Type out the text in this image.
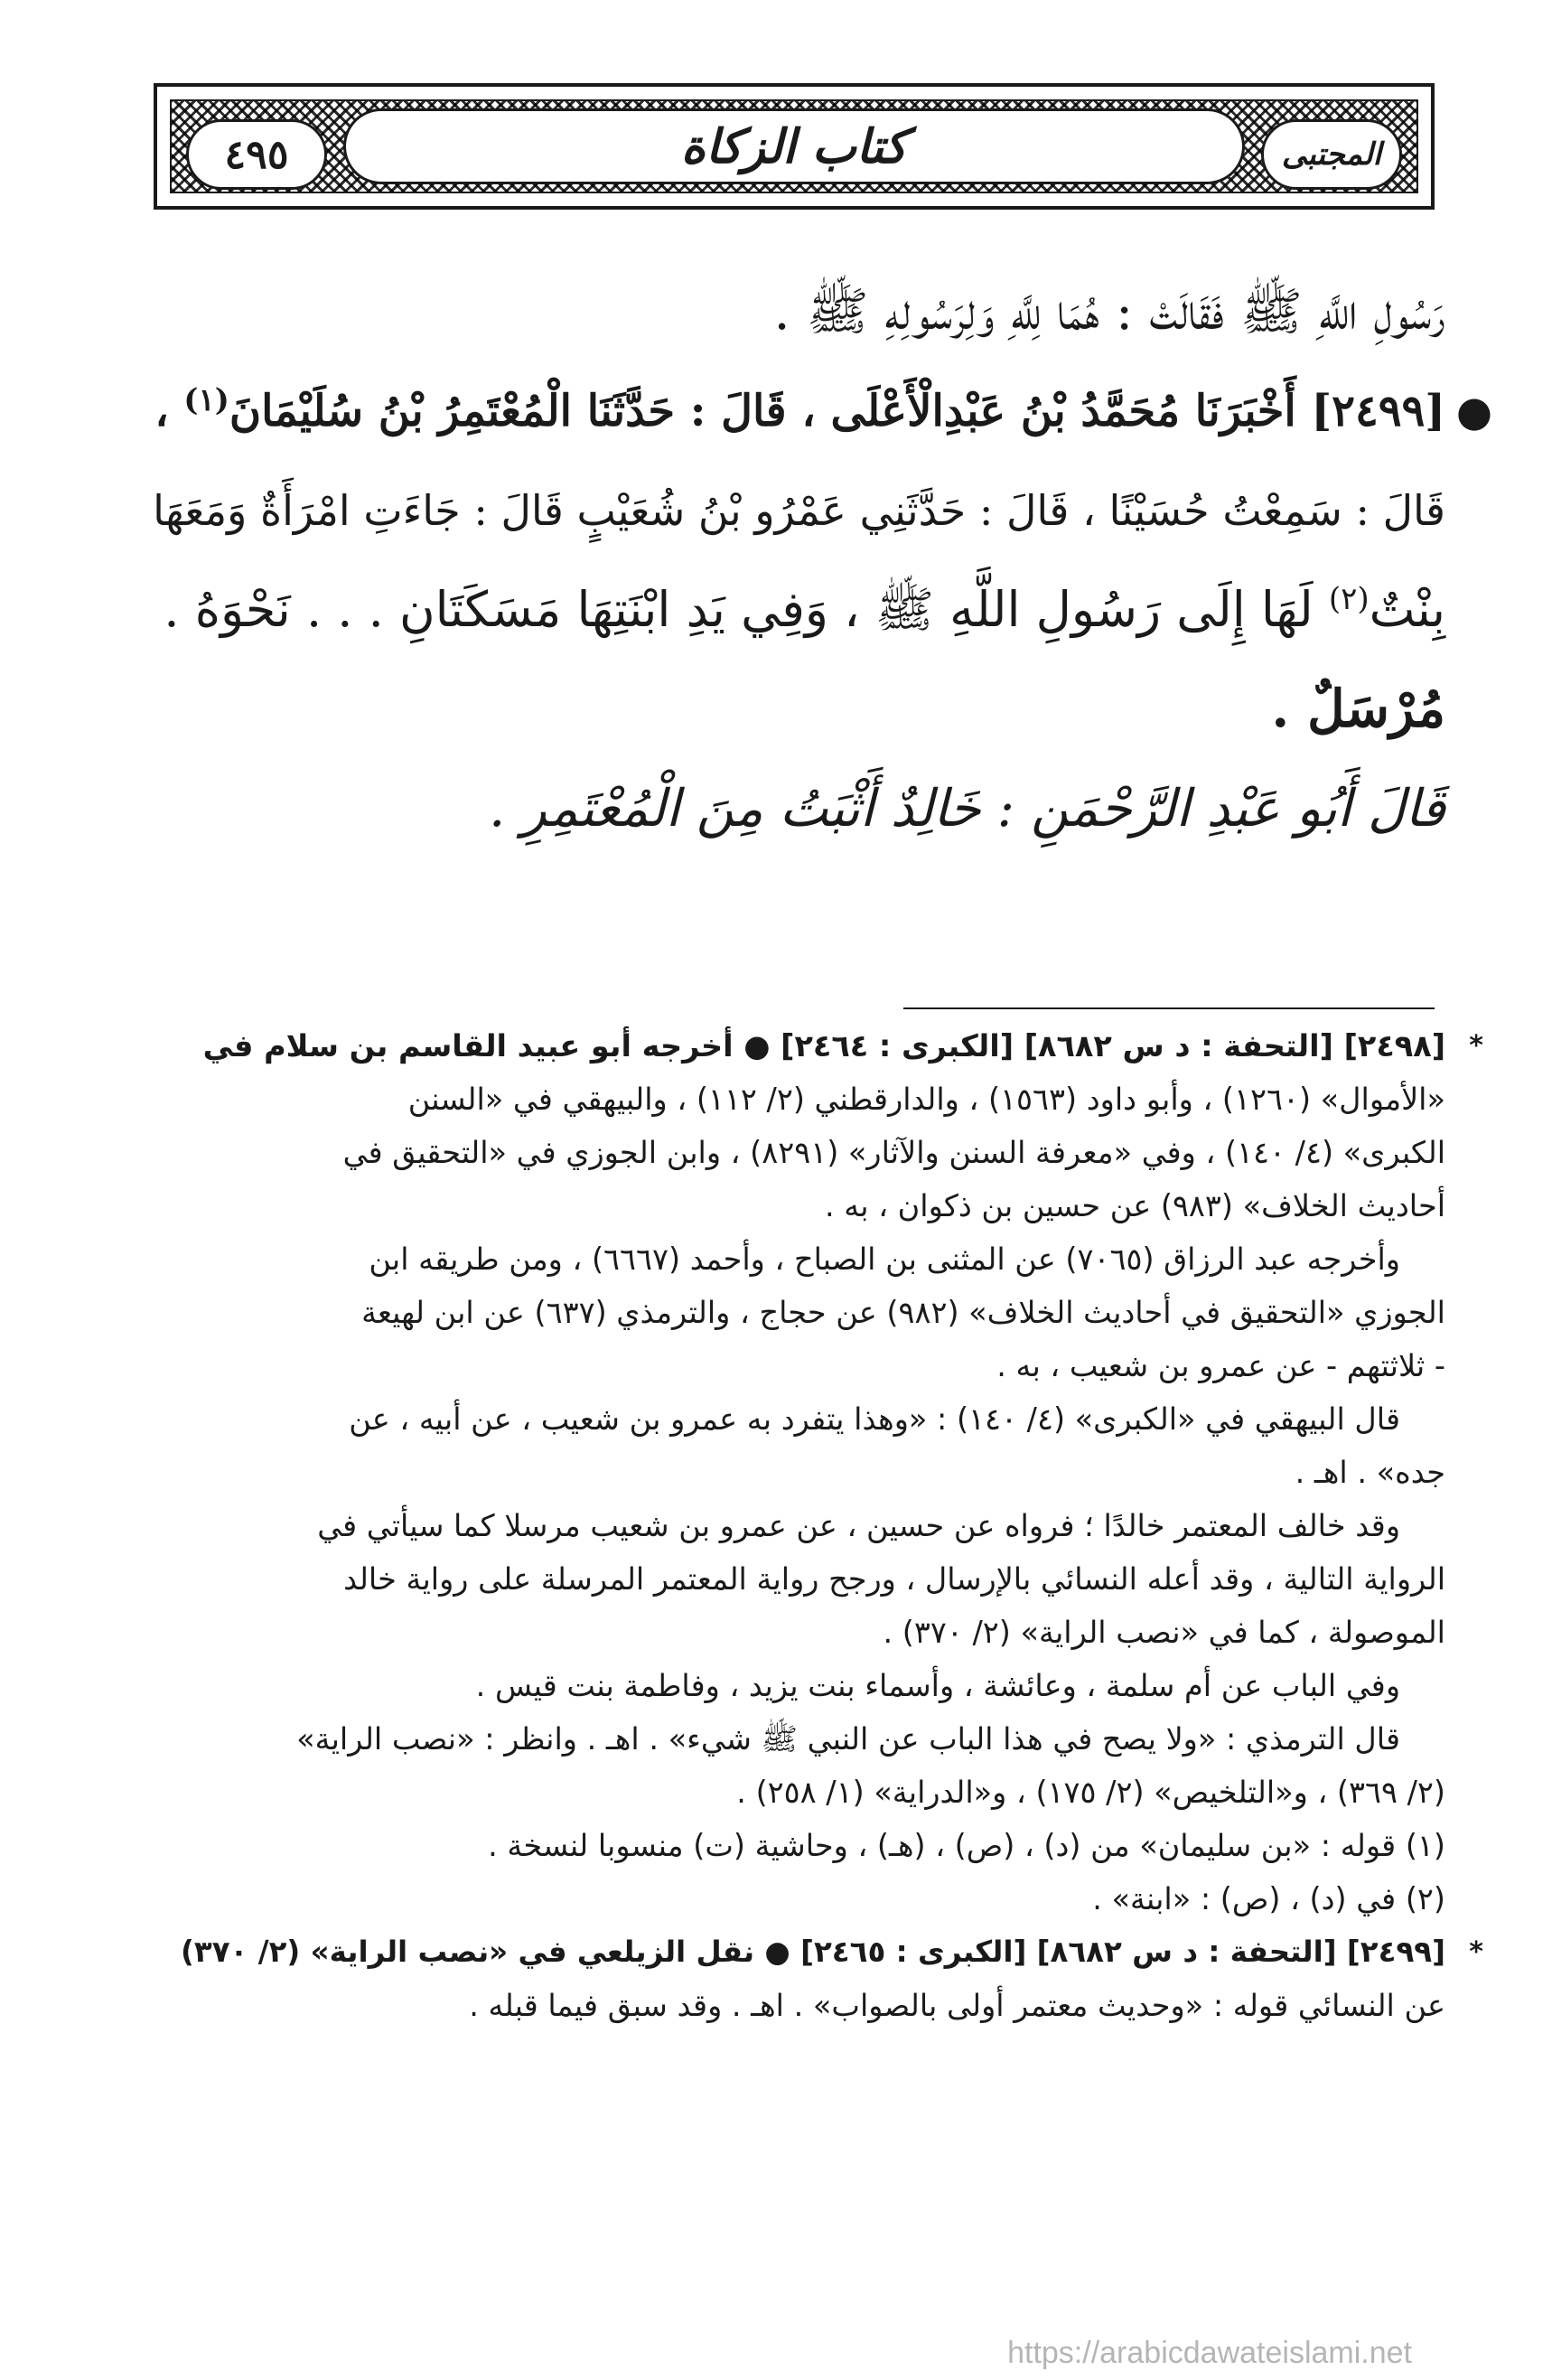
المجتبى
كتاب الزكاة
٤٩٥
رَسُولِ اللَّهِ ﷺ فَقَالَتْ : هُمَا لِلَّهِ وَلِرَسُولِهِ ﷺ .
●
[٢٤٩٩] أَخْبَرَنَا مُحَمَّدُ بْنُ عَبْدِالْأَعْلَى ، قَالَ : حَدَّثَنَا الْمُعْتَمِرُ بْنُ سُلَيْمَانَ$^{(١)}$ ،
قَالَ : سَمِعْتُ حُسَيْنًا ، قَالَ : حَدَّثَنِي عَمْرُو بْنُ شُعَيْبٍ قَالَ : جَاءَتِ امْرَأَةٌ وَمَعَهَا
بِنْتٌ$^{(٢)}$ لَهَا إِلَى رَسُولِ اللَّهِ ﷺ ، وَفِي يَدِ ابْنَتِهَا مَسَكَتَانِ . . . نَحْوَهُ .
مُرْسَلٌ .
قَالَ أَبُو عَبْدِ الرَّحْمَنِ : خَالِدٌ أَثْبَتُ مِنَ الْمُعْتَمِرِ .
*
[٢٤٩٨] [التحفة : د س ٨٦٨٢] [الكبرى : ٢٤٦٤] ● أخرجه أبو عبيد القاسم بن سلام في
«الأموال» (١٢٦٠) ، وأبو داود (١٥٦٣) ، والدارقطني (٢/ ١١٢) ، والبيهقي في «السنن
الكبرى» (٤/ ١٤٠) ، وفي «معرفة السنن والآثار» (٨٢٩١) ، وابن الجوزي في «التحقيق في
أحاديث الخلاف» (٩٨٣) عن حسين بن ذكوان ، به .
وأخرجه عبد الرزاق (٧٠٦٥) عن المثنى بن الصباح ، وأحمد (٦٦٦٧) ، ومن طريقه ابن
الجوزي «التحقيق في أحاديث الخلاف» (٩٨٢) عن حجاج ، والترمذي (٦٣٧) عن ابن لهيعة
- ثلاثتهم - عن عمرو بن شعيب ، به .
قال البيهقي في «الكبرى» (٤/ ١٤٠) : «وهذا يتفرد به عمرو بن شعيب ، عن أبيه ، عن
جده» . اهـ .
وقد خالف المعتمر خالدًا ؛ فرواه عن حسين ، عن عمرو بن شعيب مرسلا كما سيأتي في
الرواية التالية ، وقد أعله النسائي بالإرسال ، ورجح رواية المعتمر المرسلة على رواية خالد
الموصولة ، كما في «نصب الراية» (٢/ ٣٧٠) .
وفي الباب عن أم سلمة ، وعائشة ، وأسماء بنت يزيد ، وفاطمة بنت قيس .
قال الترمذي : «ولا يصح في هذا الباب عن النبي ﷺ شيء» . اهـ . وانظر : «نصب الراية»
(٢/ ٣٦٩) ، و«التلخيص» (٢/ ١٧٥) ، و«الدراية» (١/ ٢٥٨) .
(١) قوله : «بن سليمان» من (د) ، (ص) ، (هـ) ، وحاشية (ت) منسوبا لنسخة .
(٢) في (د) ، (ص) : «ابنة» .
*
[٢٤٩٩] [التحفة : د س ٨٦٨٢] [الكبرى : ٢٤٦٥] ● نقل الزيلعي في «نصب الراية» (٢/ ٣٧٠)
عن النسائي قوله : «وحديث معتمر أولى بالصواب» . اهـ . وقد سبق فيما قبله .
https://arabicdawateislami.net
